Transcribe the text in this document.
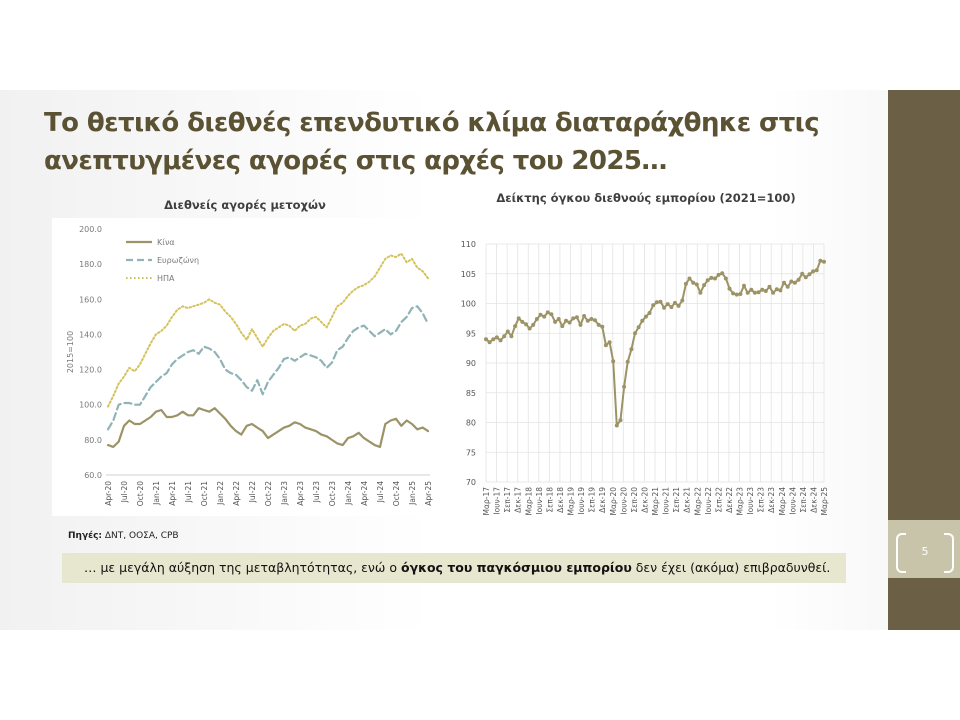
Το θετικό διεθνές επενδυτικό κλίμα διαταράχθηκε στις ανεπτυγμένες αγορές στις αρχές του 2025…
Διεθνείς αγορές μετοχών
60.0
80.0
100.0
120.0
140.0
160.0
180.0
200.0
2015=100
Apr-20 Jul-20 Oct-20 Jan-21 Apr-21 Jul-21 Oct-21 Jan-22 Apr-22 Jul-22 Oct-22 Jan-23 Apr-23 Jul-23 Oct-23 Jan-24 Apr-24 Jul-24 Oct-24 Jan-25 Apr-25
Κίνα
Ευρωζώνη
ΗΠΑ
Δείκτης όγκου διεθνούς εμπορίου (2021=100)
70
75
80
85
90
95
100
105
110
Μαρ-17 Ιουν-17 Σεπ-17 Δεκ-17 Μαρ-18 Ιουν-18 Σεπ-18 Δεκ-18 Μαρ-19 Ιουν-19 Σεπ-19 Δεκ-19 Μαρ-20 Ιουν-20 Σεπ-20 Δεκ-20 Μαρ-21 Ιουν-21 Σεπ-21 Δεκ-21 Μαρ-22 Ιουν-22 Σεπ-22 Δεκ-22 Μαρ-23 Ιουν-23 Σεπ-23 Δεκ-23 Μαρ-24 Ιουν-24 Σεπ-24 Δεκ-24 Μαρ-25
Πηγές: ΔΝΤ, ΟΟΣΑ, CPB
… με μεγάλη αύξηση της μεταβλητότητας, ενώ ο όγκος του παγκόσμιου εμπορίου δεν έχει (ακόμα) επιβραδυνθεί.
5
